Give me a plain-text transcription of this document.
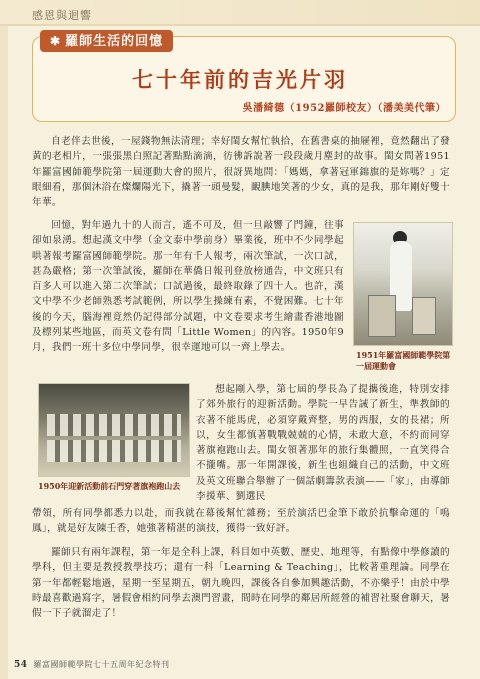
感恩與迴響
✱ 羅師生活的回憶
七十年前的吉光片羽
吳潘綺德（1952羅師校友）（潘美美代筆）

自老伴去世後，一屋錢物無法清理；幸好閨女幫忙執拾，在舊書桌的抽屜裡，竟然翻出了發黃的老相片，一張張黑白照記著點點滴滴，彷彿訴說著一段段歲月塵封的故事。閨女問著1951年羅富國師範學院第一屆運動大會的照片，很訝異地問：「媽媽，拿著冠軍錦旗的是妳嗎？」定眼細看，那個沐浴在燦爛陽光下，撬著一頭曼髮，靦腆地笑著的少女，真的是我，那年剛好雙十年華。

回憶，對年過九十的人而言，遙不可及，但一旦敲響了門鐘，往事卻如泉湧。想起漢文中學（金文泰中學前身）畢業後，班中不少同學起哄著報考羅富國師範學院。那一年有千人報考，兩次筆試，一次口試，甚為嚴格；第一次筆試後，羅師在華僑日報刊登放榜通告，中文班只有百多人可以進入第二次筆試；口試過後，最終取錄了四十人。也許，漢文中學不少老師熟悉考試範例，所以學生操練有素，不覺困難。七十年後的今天，腦海裡竟然仍記得部分試題，中文卷要求考生繪畫香港地圖及標列某些地區，而英文卷有問「Little Women」的內容。1950年9月，我們一班十多位中學同學，很幸運地可以一齊上學去。

1951年羅富國師範學院第一屆運動會
1950年迎新活動前石門穿著旗袍跑山去

想起剛入學，第七屆的學長為了提攜後進，特別安排了郊外旅行的迎新活動。學院一早告誡了新生，準教師的衣著不能馬虎，必須穿戴齊整，男的西服，女的長裙；所以，女生都慎著戰戰兢兢的心情，未敢大意，不約而同穿著旗袍跑山去。閨女領著那年的旅行集體照，一直笑得合不攏嘴。那一年開課後，新生也組織自己的活動，中文班及英文班聯合舉辦了一個話劇籌款表演——「家」，由導師李援華、劉選民

帶領，所有同學都悉力以赴，而我就在幕後幫忙雜務；至於演活巴金筆下敢於抗擊命運的「鳴鳳」，就是好友陳壬香，她強著精湛的演技，獲得一致好評。

羅師只有兩年課程，第一年是全科上課，科目如中英數、歷史、地理等，有點像中學修讀的學科，但主要是教授教學技巧；還有一科「Learning & Teaching」，比較著重理論。同學在第一年都輕鬆地過，星期一至星期五，朝九晚四，課後各自參加興趣活動，不亦樂乎！由於中學時最喜歡過寫字，暑假會相約同學去澳門習畫，間時在同學的鄰居所經營的補習社聚會聊天，暑假一下子就溜走了！

54 羅富國師範學院七十五周年紀念特刊
